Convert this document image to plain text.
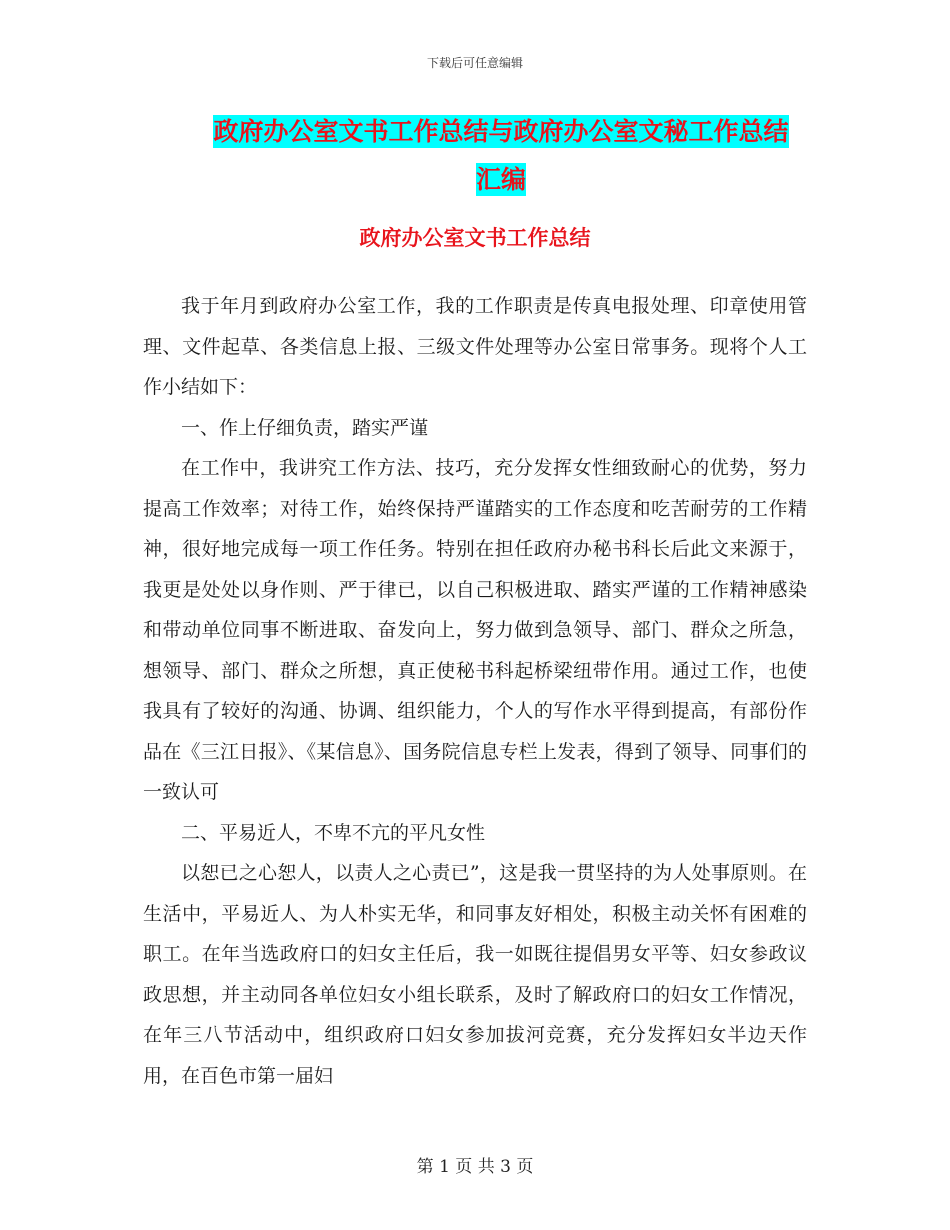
下载后可任意编辑
政府办公室文书工作总结与政府办公室文秘工作总结
汇编
政府办公室文书工作总结

我于年月到政府办公室工作，我的工作职责是传真电报处理、印章使用管理、文件起草、各类信息上报、三级文件处理等办公室日常事务。现将个人工作小结如下：

一、作上仔细负责，踏实严谨

在工作中，我讲究工作方法、技巧，充分发挥女性细致耐心的优势，努力提高工作效率；对待工作，始终保持严谨踏实的工作态度和吃苦耐劳的工作精神，很好地完成每一项工作任务。特别在担任政府办秘书科长后此文来源于，我更是处处以身作则、严于律已，以自己积极进取、踏实严谨的工作精神感染和带动单位同事不断进取、奋发向上，努力做到急领导、部门、群众之所急，想领导、部门、群众之所想，真正使秘书科起桥梁纽带作用。通过工作，也使我具有了较好的沟通、协调、组织能力，个人的写作水平得到提高，有部份作品在《三江日报》、《某信息》、国务院信息专栏上发表，得到了领导、同事们的一致认可

二、平易近人，不卑不亢的平凡女性

以恕已之心恕人，以责人之心责已”，这是我一贯坚持的为人处事原则。在生活中，平易近人、为人朴实无华，和同事友好相处，积极主动关怀有困难的职工。在年当选政府口的妇女主任后，我一如既往提倡男女平等、妇女参政议政思想，并主动同各单位妇女小组长联系，及时了解政府口的妇女工作情况，在年三八节活动中，组织政府口妇女参加拔河竞赛，充分发挥妇女半边天作用，在百色市第一届妇

第 1 页 共 3 页
